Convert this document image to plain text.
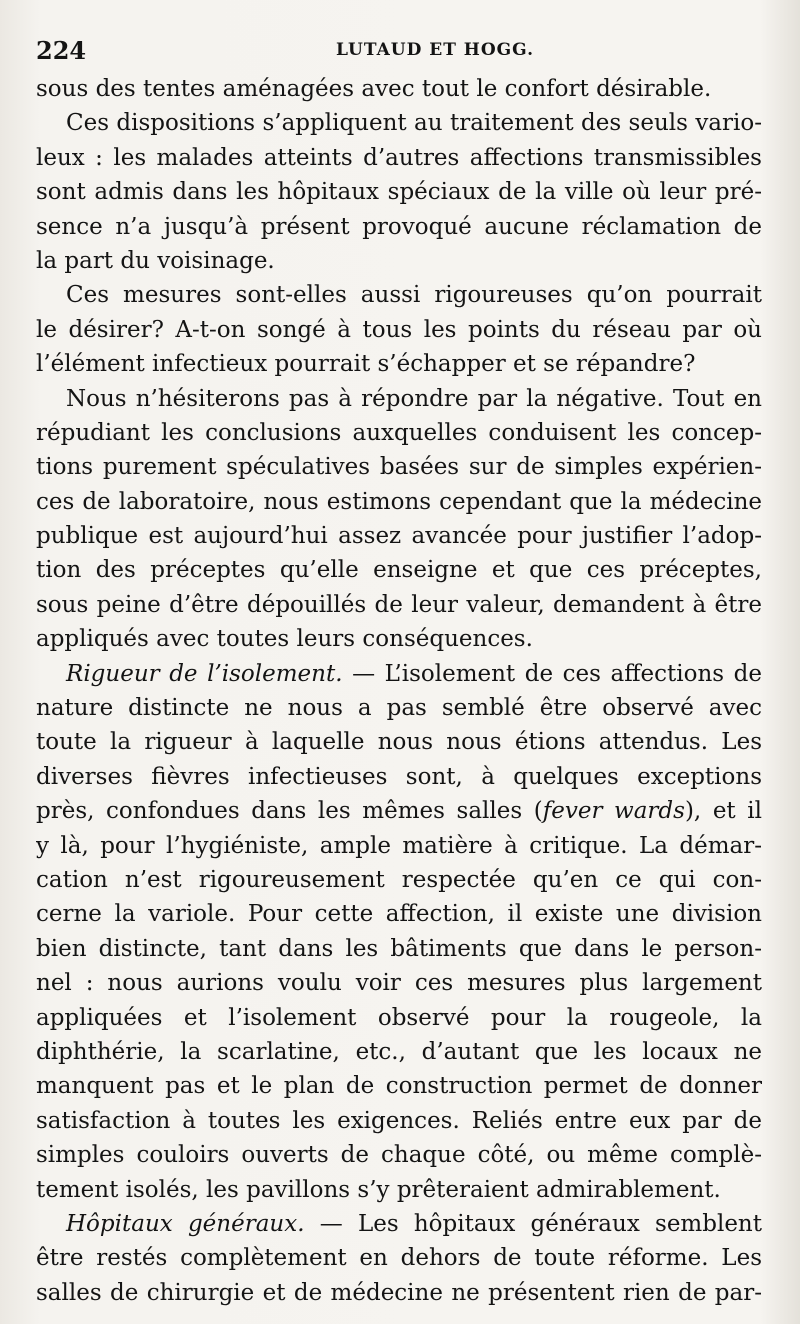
224	LUTAUD ET HOGG.
sous des tentes aménagées avec tout le confort désirable.
Ces dispositions s’appliquent au traitement des seuls vario-
leux : les malades atteints d’autres affections transmissibles
sont admis dans les hôpitaux spéciaux de la ville où leur pré-
sence n’a jusqu’à présent provoqué aucune réclamation de
la part du voisinage.
Ces mesures sont-elles aussi rigoureuses qu’on pourrait
le désirer? A-t-on songé à tous les points du réseau par où
l’élément infectieux pourrait s’échapper et se répandre?
Nous n’hésiterons pas à répondre par la négative. Tout en
répudiant les conclusions auxquelles conduisent les concep-
tions purement spéculatives basées sur de simples expérien-
ces de laboratoire, nous estimons cependant que la médecine
publique est aujourd’hui assez avancée pour justifier l’adop-
tion des préceptes qu’elle enseigne et que ces préceptes,
sous peine d’être dépouillés de leur valeur, demandent à être
appliqués avec toutes leurs conséquences.
Rigueur de l’isolement. — L’isolement de ces affections de
nature distincte ne nous a pas semblé être observé avec
toute la rigueur à laquelle nous nous étions attendus. Les
diverses fièvres infectieuses sont, à quelques exceptions
près, confondues dans les mêmes salles (fever wards), et il
y là, pour l’hygiéniste, ample matière à critique. La démar-
cation n’est rigoureusement respectée qu’en ce qui con-
cerne la variole. Pour cette affection, il existe une division
bien distincte, tant dans les bâtiments que dans le person-
nel : nous aurions voulu voir ces mesures plus largement
appliquées et l’isolement observé pour la rougeole, la
diphthérie, la scarlatine, etc., d’autant que les locaux ne
manquent pas et le plan de construction permet de donner
satisfaction à toutes les exigences. Reliés entre eux par de
simples couloirs ouverts de chaque côté, ou même complè-
tement isolés, les pavillons s’y prêteraient admirablement.
Hôpitaux généraux. — Les hôpitaux généraux semblent
être restés complètement en dehors de toute réforme. Les
salles de chirurgie et de médecine ne présentent rien de par-
